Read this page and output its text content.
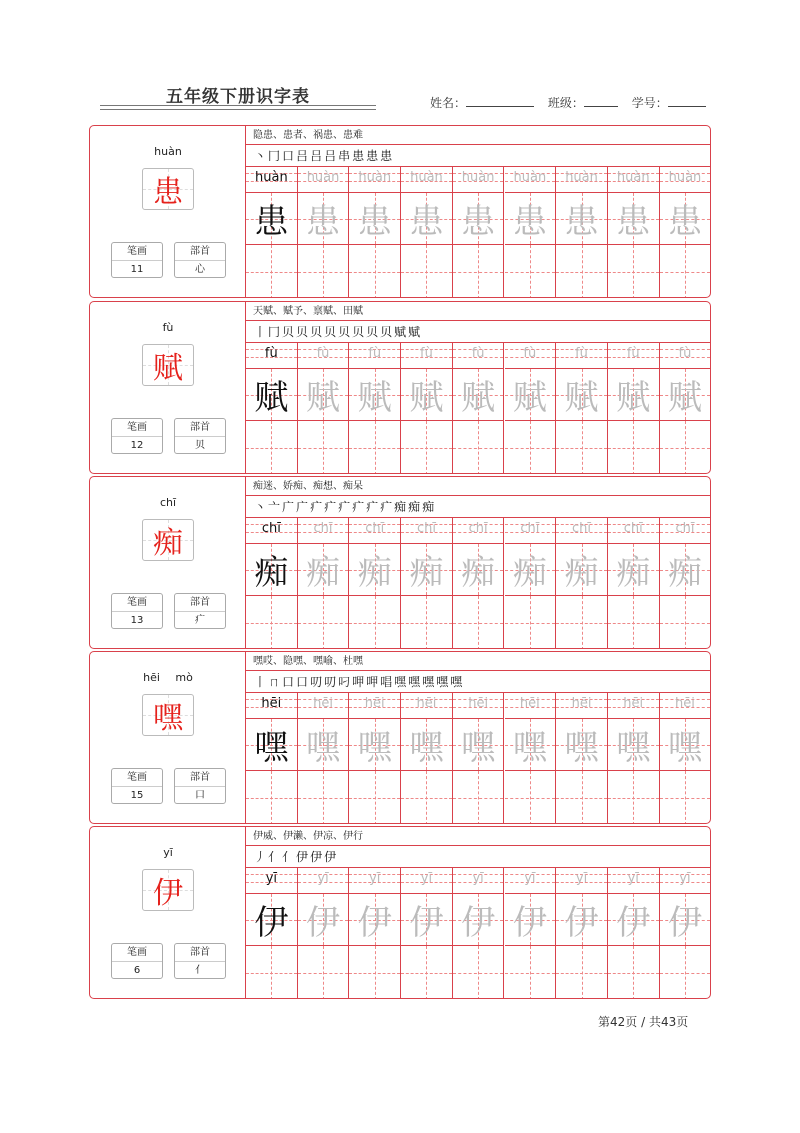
五年级下册识字表	姓名：	班级：	学号：
huàn
患
笔画
11
部首
心
隐患、患者、祸患、患难
丶 冂 口 吕 吕 吕 串 患 患 患
huàn
患
huàn
患
huàn
患
huàn
患
huàn
患
huàn
患
huàn
患
huàn
患
huàn
患
fù
赋
笔画
12
部首
贝
天赋、赋予、禀赋、田赋
丨 冂 贝 贝 贝 贝 贝 贝 贝 贝 赋 赋
fù
赋
fù
赋
fù
赋
fù
赋
fù
赋
fù
赋
fù
赋
fù
赋
fù
赋
chī
痴
笔画
13
部首
疒
痴迷、娇痴、痴想、痴呆
丶 亠 广 广 疒 疒 疒 疒 疒 疒 痴 痴 痴
chī
痴
chī
痴
chī
痴
chī
痴
chī
痴
chī
痴
chī
痴
chī
痴
chī
痴
hēi mò
嘿
笔画
15
部首
口
嘿哎、隐嘿、嘿喻、杜嘿
丨 ㄇ 口 口 叨 叨 叼 呷 呷 唱 嘿 嘿 嘿 嘿 嘿
hēi
嘿
hēi
嘿
hēi
嘿
hēi
嘿
hēi
嘿
hēi
嘿
hēi
嘿
hēi
嘿
hēi
嘿
yī
伊
笔画
6
部首
亻
伊威、伊濑、伊凉、伊行
丿 亻 亻 伊 伊 伊
yī
伊
yī
伊
yī
伊
yī
伊
yī
伊
yī
伊
yī
伊
yī
伊
yī
伊
第42页 / 共43页
